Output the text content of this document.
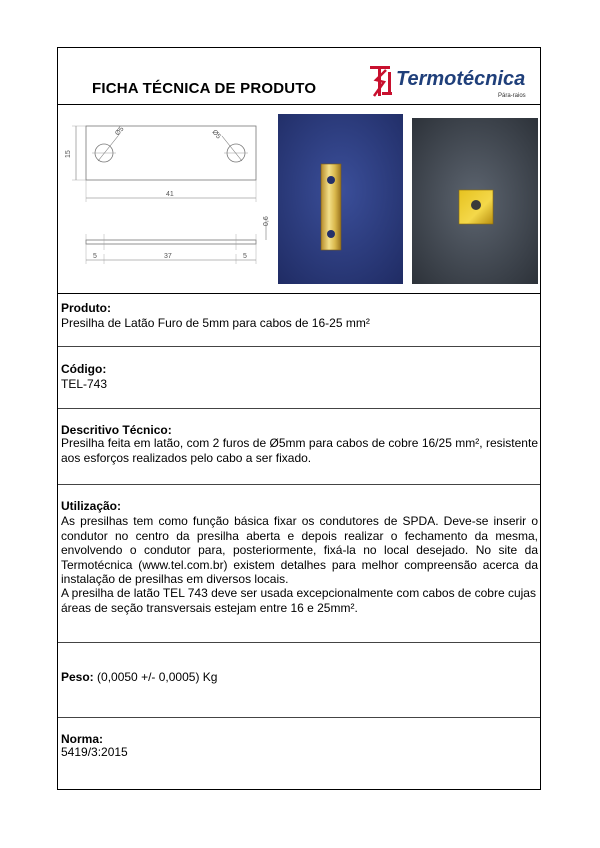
FICHA TÉCNICA DE PRODUTO	Termotécnica
Pára-raios
Ø5	Ø5
15
41
0,6
5	37	5
Produto:
Presilha de Latão Furo de 5mm para cabos de 16-25 mm²
Código:
TEL-743
Descritivo Técnico:
Presilha feita em latão, com 2 furos de Ø5mm para cabos de cobre 16/25 mm², resistente aos esforços realizados pelo cabo a ser fixado.
Utilização:
As presilhas tem como função básica fixar os condutores de SPDA. Deve-se inserir o condutor no centro da presilha aberta e depois realizar o fechamento da mesma, envolvendo o condutor para, posteriormente, fixá-la no local desejado. No site da Termotécnica (www.tel.com.br) existem detalhes para melhor compreensão acerca da instalação de presilhas em diversos locais.
A presilha de latão TEL 743 deve ser usada excepcionalmente com cabos de cobre cujas áreas de seção transversais estejam entre 16 e 25mm².
Peso: (0,0050 +/- 0,0005) Kg
Norma:
5419/3:2015
